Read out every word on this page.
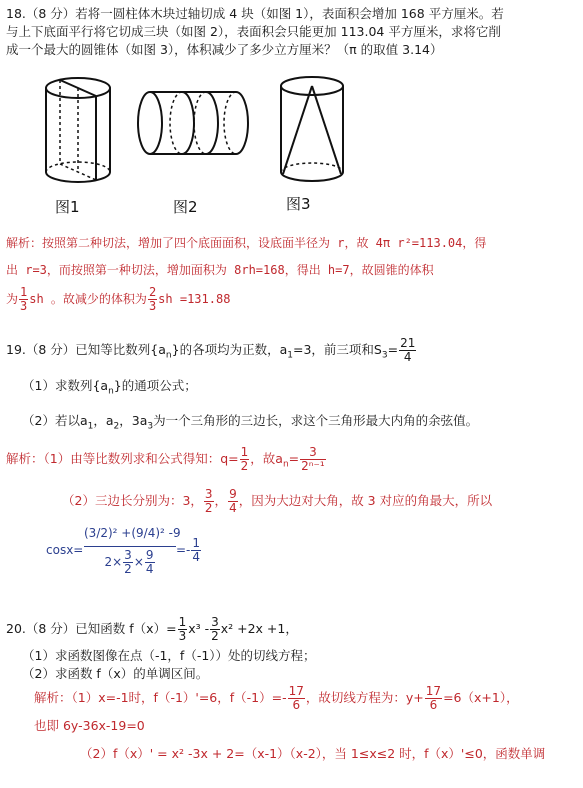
18.（8 分）若将一圆柱体木块过轴切成 4 块（如图 1），表面积会增加 168 平方厘米。若
与上下底面平行将它切成三块（如图 2），表面积会只能更加 113.04 平方厘米，求将它削
成一个最大的圆锥体（如图 3），体积减少了多少立方厘米？（π 的取值 3.14）
图1	图2	图3
解析：按照第二种切法，增加了四个底面面积，设底面半径为 r，故 4π r²=113.04，得
出 r=3，而按照第一种切法，增加面积为 8rh=168，得出 h=7，故圆锥的体积
为 $\frac{1}{3}$ sh 。故减少的体积为 $\frac{2}{3}$ sh =131.88
19.（8 分）已知等比数列$\{a_n\}$的各项均为正数，$a_1=3$，前三项和$S_3= \frac{21}{4}$
（1）求数列$\{a_n\}$的通项公式；
（2）若以$a_1$，$a_2$，$3a_3$为一个三角形的三边长，求这个三角形最大内角的余弦值。
解析：（1）由等比数列求和公式得知：$q= \frac{1}{2}$ ，故$a_n= \frac{3}{\text{2ⁿ⁻¹}}$
（2）三边长分别为：3， $\frac{3}{2}$ ， $\frac{9}{4}$ ，因为大边对大角，故 3 对应的角最大，所以
$\cos x= \frac{\text{(3/2)² +(9/4)² -9}}{2\times \frac{3}{2} \times \frac{9}{4}} =- \frac{1}{4}$
20.（8 分）已知函数 $f(x)= \frac{1}{3} x^3 - \frac{3}{2} x^2 +2x +1$，
（1）求函数图像在点（-1，f（-1））处的切线方程；
（2）求函数 f（x）的单调区间。
解析：（1）x=-1时，f（-1）'=6，$f(-1)=- \frac{17}{6}$ ，故切线方程为：$y+ \frac{17}{6} =6(x+1)$，
也即 6y-36x-19=0
（2）f（x）' = x² -3x + 2=（x-1）（x-2），当 1≤x≤2 时，f（x）'≤0，函数单调
